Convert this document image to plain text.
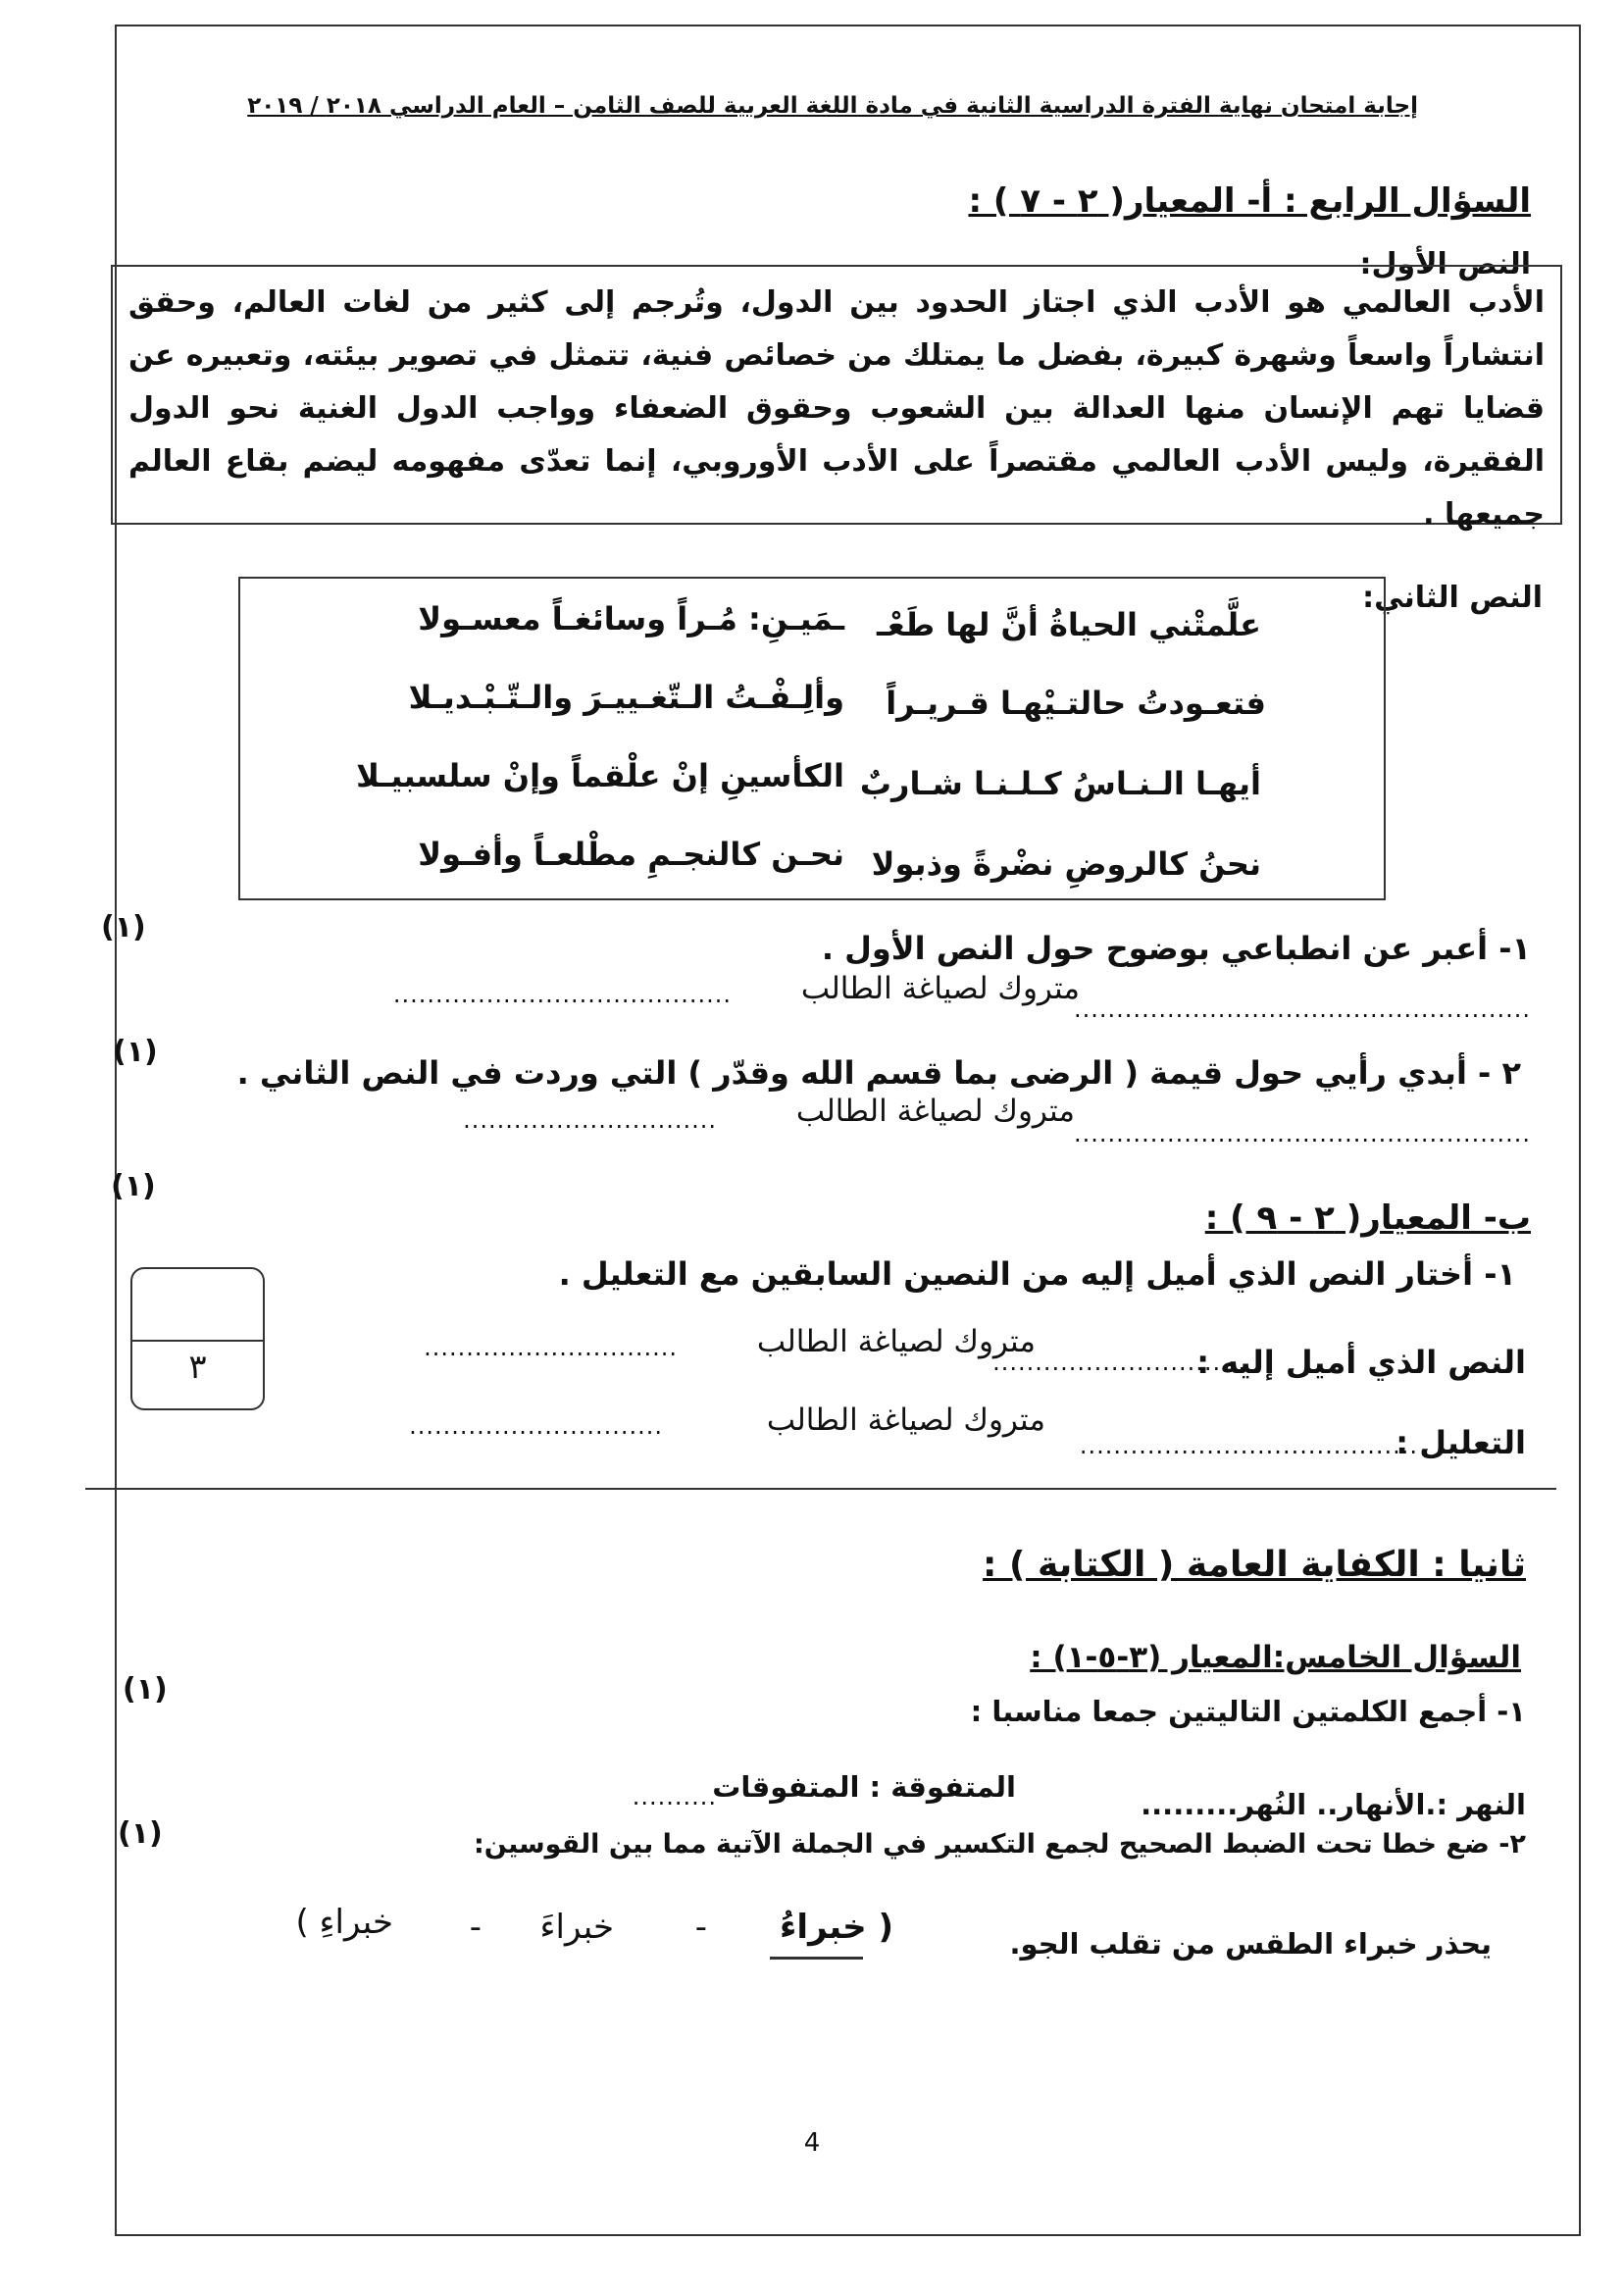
إجابة امتحان نهاية الفترة الدراسية الثانية في مادة اللغة العربية للصف الثامن – العام الدراسي ٢٠١٨ / ٢٠١٩
السؤال الرابع : أ- المعيار( ٢ - ٧ ) :
النص الأول:
الأدب العالمي هو الأدب الذي اجتاز الحدود بين الدول، وتُرجم إلى كثير من لغات العالم، وحقق انتشاراً واسعاً وشهرة كبيرة، بفضل ما يمتلك من خصائص فنية، تتمثل في تصوير بيئته، وتعبيره عن قضايا تهم الإنسان منها العدالة بين الشعوب وحقوق الضعفاء وواجب الدول الغنية نحو الدول الفقيرة، وليس الأدب العالمي مقتصراً على الأدب الأوروبي، إنما تعدّى مفهومه ليضم بقاع العالم جميعها .
النص الثاني:
علَّمتْني الحياةُ أنَّ لها طَعْـ
ـمَيـنِ: مُـراً وسائغـاً معسـولا
فتعـودتُ حالتـيْهـا قـريـراً
وألِـفْـتُ الـتّغـييـرَ والـتّـبْـديـلا
أيهـا الـنـاسُ كـلـنـا شـاربٌ
الكأسينِ إنْ علْقماً وإنْ سلسبيـلا
نحنُ كالروضِ نضْرةً وذبولا
نحـن كالنجـمِ مطْلعـاً وأفـولا
(١)
١- أعبر عن انطباعي بوضوح حول النص الأول .
......................................................
متروك لصياغة الطالب
........................................
(١)
٢ - أبدي رأيي حول قيمة ( الرضى بما قسم الله وقدّر ) التي وردت في النص الثاني .
......................................................
متروك لصياغة الطالب
..............................
(١)
ب- المعيار( ٢ - ٩ ) :
١- أختار النص الذي أميل إليه من النصين السابقين مع التعليل .
النص الذي أميل إليه :
..............................
متروك لصياغة الطالب
..............................
التعليل :
........................................
متروك لصياغة الطالب
..............................
٣
ثانيا : الكفاية العامة ( الكتابة ) :
السؤال الخامس:المعيار (٣-٥-١) :
(١)
١- أجمع الكلمتين التاليتين جمعا مناسبا :
النهر :.الأنهار.. النُهر.........
المتفوقة : المتفوقات
..........
(١)	٢- ضع خطا تحت الضبط الصحيح لجمع التكسير في الجملة الآتية مما بين القوسين:
يحذر خبراء الطقس من تقلب الجو.
( خبراءُ
-
خبراءَ
-
خبراءِ )
4
